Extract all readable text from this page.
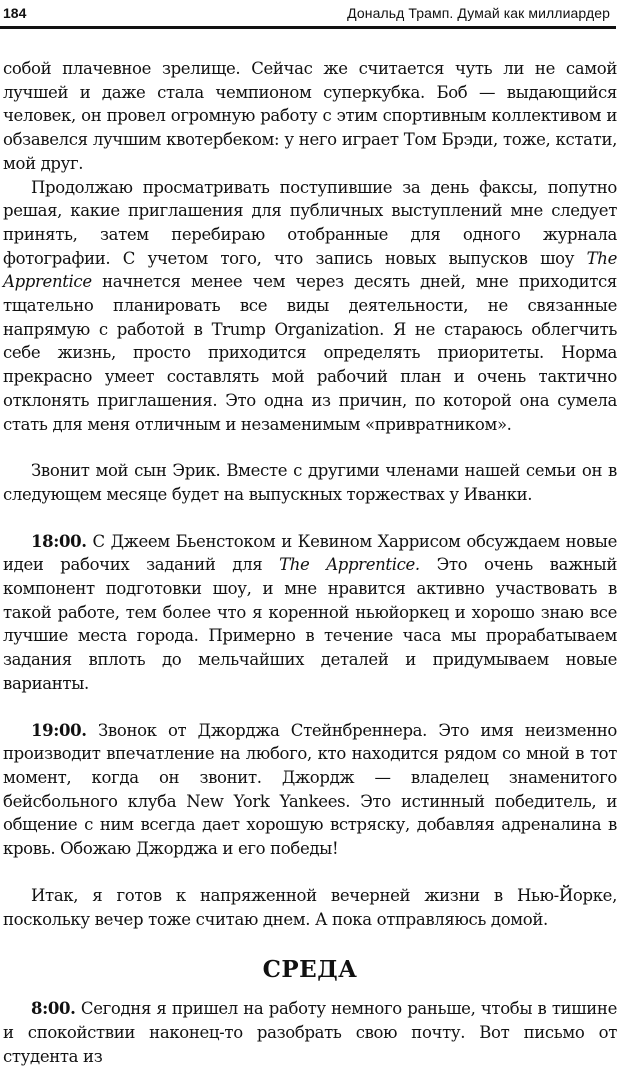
184	Дональд Трамп. Думай как миллиардер

собой плачевное зрелище. Сейчас же считается чуть ли не самой лучшей и даже стала чемпионом суперкубка. Боб — выдающийся человек, он провел огромную работу с этим спортивным коллективом и обзавелся лучшим квотербеком: у него играет Том Брэди, тоже, кстати, мой друг.

Продолжаю просматривать поступившие за день факсы, попутно решая, какие приглашения для публичных выступлений мне следует принять, затем перебираю отобранные для одного журнала фотографии. С учетом того, что запись новых выпусков шоу The Apprentice начнется менее чем через десять дней, мне приходится тщательно планировать все виды деятельности, не связанные напрямую с работой в Trump Organization. Я не стараюсь облегчить себе жизнь, просто приходится определять приоритеты. Норма прекрасно умеет составлять мой рабочий план и очень тактично отклонять приглашения. Это одна из причин, по которой она сумела стать для меня отличным и незаменимым «привратником».

Звонит мой сын Эрик. Вместе с другими членами нашей семьи он в следующем месяце будет на выпускных торжествах у Иванки.

18:00. С Джеем Бьенстоком и Кевином Харрисом обсуждаем новые идеи рабочих заданий для The Apprentice. Это очень важный компонент подготовки шоу, и мне нравится активно участвовать в такой работе, тем более что я коренной ньюйоркец и хорошо знаю все лучшие места города. Примерно в течение часа мы прорабатываем задания вплоть до мельчайших деталей и придумываем новые варианты.

19:00. Звонок от Джорджа Стейнбреннера. Это имя неизменно производит впечатление на любого, кто находится рядом со мной в тот момент, когда он звонит. Джордж — владелец знаменитого бейсбольного клуба New York Yankees. Это истинный победитель, и общение с ним всегда дает хорошую встряску, добавляя адреналина в кровь. Обожаю Джорджа и его победы!

Итак, я готов к напряженной вечерней жизни в Нью-Йорке, поскольку вечер тоже считаю днем. А пока отправляюсь домой.

СРЕДА

8:00. Сегодня я пришел на работу немного раньше, чтобы в тишине и спокойствии наконец-то разобрать свою почту. Вот письмо от студента из
